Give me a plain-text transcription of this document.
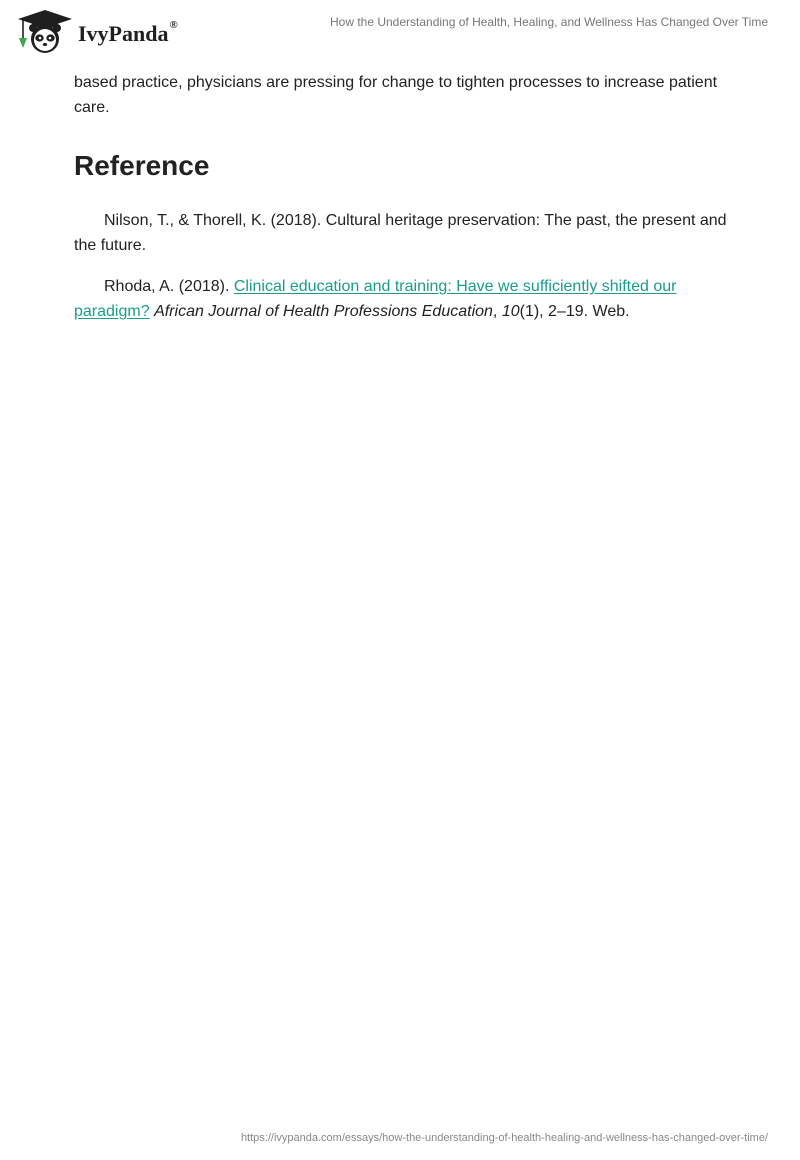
IvyPanda®	How the Understanding of Health, Healing, and Wellness Has Changed Over Time

based practice, physicians are pressing for change to tighten processes to increase patient care.

Reference

Nilson, T., & Thorell, K. (2018). Cultural heritage preservation: The past, the present and the future.

Rhoda, A. (2018). Clinical education and training: Have we sufficiently shifted our paradigm? African Journal of Health Professions Education, 10(1), 2–19. Web.

https://ivypanda.com/essays/how-the-understanding-of-health-healing-and-wellness-has-changed-over-time/
